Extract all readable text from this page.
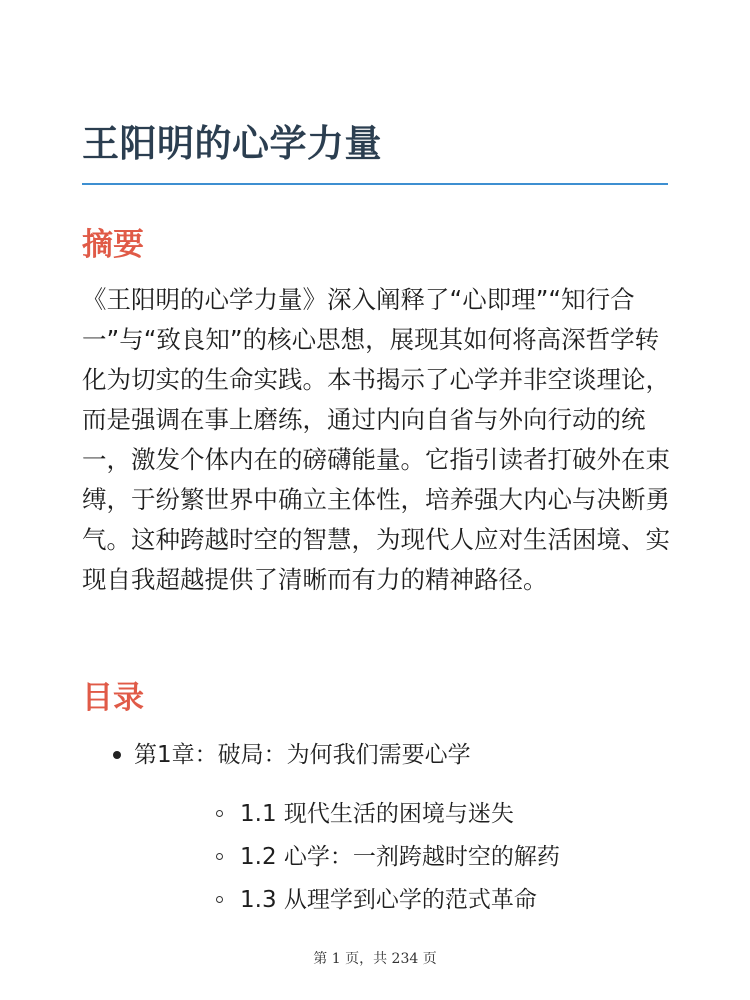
王阳明的心学力量
摘要

《王阳明的心学力量》深入阐释了“心即理”“知行合一”与“致良知”的核心思想，展现其如何将高深哲学转化为切实的生命实践。本书揭示了心学并非空谈理论，而是强调在事上磨练，通过内向自省与外向行动的统一，激发个体内在的磅礴能量。它指引读者打破外在束缚，于纷繁世界中确立主体性，培养强大内心与决断勇气。这种跨越时空的智慧，为现代人应对生活困境、实现自我超越提供了清晰而有力的精神路径。

目录
第1章：破局：为何我们需要心学
1.1 现代生活的困境与迷失
1.2 心学：一剂跨越时空的解药
1.3 从理学到心学的范式革命
第 1 页，共 234 页
